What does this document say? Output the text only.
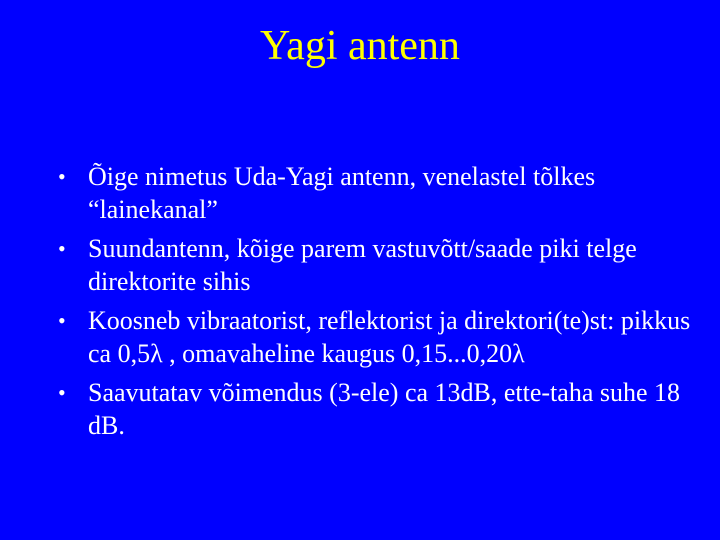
Yagi antenn
• Õige nimetus Uda-Yagi antenn, venelastel tõlkes “lainekanal”
• Suundantenn, kõige parem vastuvõtt/saade piki telge direktorite sihis
• Koosneb vibraatorist, reflektorist ja direktori(te)st: pikkus ca 0,5λ , omavaheline kaugus 0,15...0,20λ
• Saavutatav võimendus (3-ele) ca 13dB, ette-taha suhe 18 dB.
